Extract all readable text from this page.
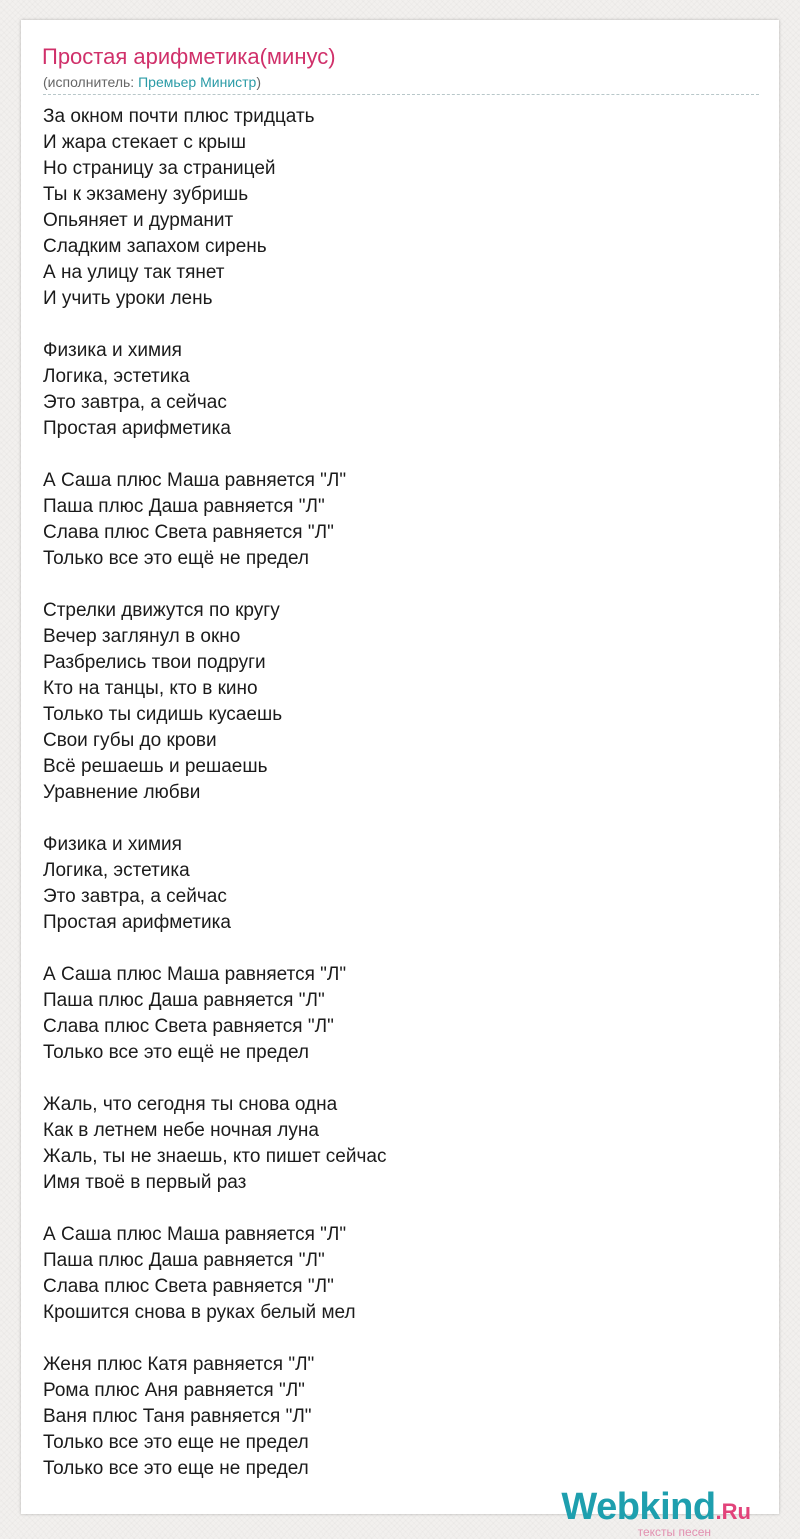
Простая арифметика(минус)
(исполнитель: Премьер Министр)
За окном почти плюс тридцать
И жара стекает с крыш
Но страницу за страницей
Ты к экзамену зубришь
Опьяняет и дурманит
Сладким запахом сирень
А на улицу так тянет
И учить уроки лень
Физика и химия
Логика, эстетика
Это завтра, а сейчас
Простая арифметика
А Саша плюс Маша равняется "Л"
Паша плюс Даша равняется "Л"
Слава плюс Света равняется "Л"
Только все это ещё не предел
Стрелки движутся по кругу
Вечер заглянул в окно
Разбрелись твои подруги
Кто на танцы, кто в кино
Только ты сидишь кусаешь
Свои губы до крови
Всё решаешь и решаешь
Уравнение любви
Физика и химия
Логика, эстетика
Это завтра, а сейчас
Простая арифметика
А Саша плюс Маша равняется "Л"
Паша плюс Даша равняется "Л"
Слава плюс Света равняется "Л"
Только все это ещё не предел
Жаль, что сегодня ты снова одна
Как в летнем небе ночная луна
Жаль, ты не знаешь, кто пишет сейчас
Имя твоё в первый раз
А Саша плюс Маша равняется "Л"
Паша плюс Даша равняется "Л"
Слава плюс Света равняется "Л"
Крошится снова в руках белый мел
Женя плюс Катя равняется "Л"
Рома плюс Аня равняется "Л"
Ваня плюс Таня равняется "Л"
Только все это еще не предел
Только все это еще не предел
Webkind.Ru
тексты песен
